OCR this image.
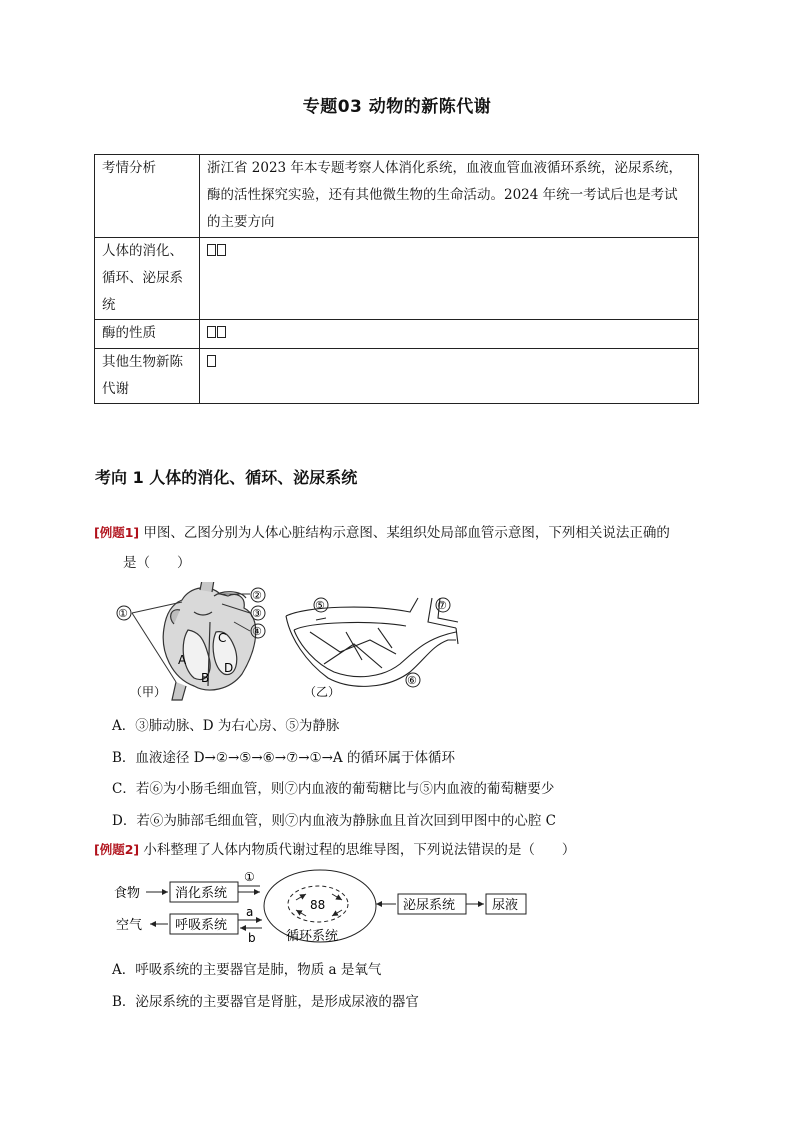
专题03 动物的新陈代谢
考情分析	浙江省 2023 年本专题考察人体消化系统，血液血管血液循环系统，泌尿系统，酶的活性探究实验，还有其他微生物的生命活动。2024 年统一考试后也是考试的主要方向
人体的消化、循环、泌尿系统	
酶的性质	
其他生物新陈代谢	
考向 1 人体的消化、循环、泌尿系统
[例题1] 甲图、乙图分别为人体心脏结构示意图、某组织处局部血管示意图，下列相关说法正确的
是（　　）
①
②
③
④
A
B
C
D
（甲）
⑤	⑦
⑥
（乙）
A．③肺动脉、D 为右心房、⑤为静脉
B．血液途径 D→②→⑤→⑥→⑦→①→A 的循环属于体循环
C．若⑥为小肠毛细血管，则⑦内血液的葡萄糖比与⑤内血液的葡萄糖要少
D．若⑥为肺部毛细血管，则⑦内血液为静脉血且首次回到甲图中的心腔 C
[例题2] 小科整理了人体内物质代谢过程的思维导图，下列说法错误的是（　　）
食物	消化系统
①
空气	呼吸系统
a
b
88
循环系统
泌尿系统	尿液
A．呼吸系统的主要器官是肺，物质 a 是氧气
B．泌尿系统的主要器官是肾脏，是形成尿液的器官
